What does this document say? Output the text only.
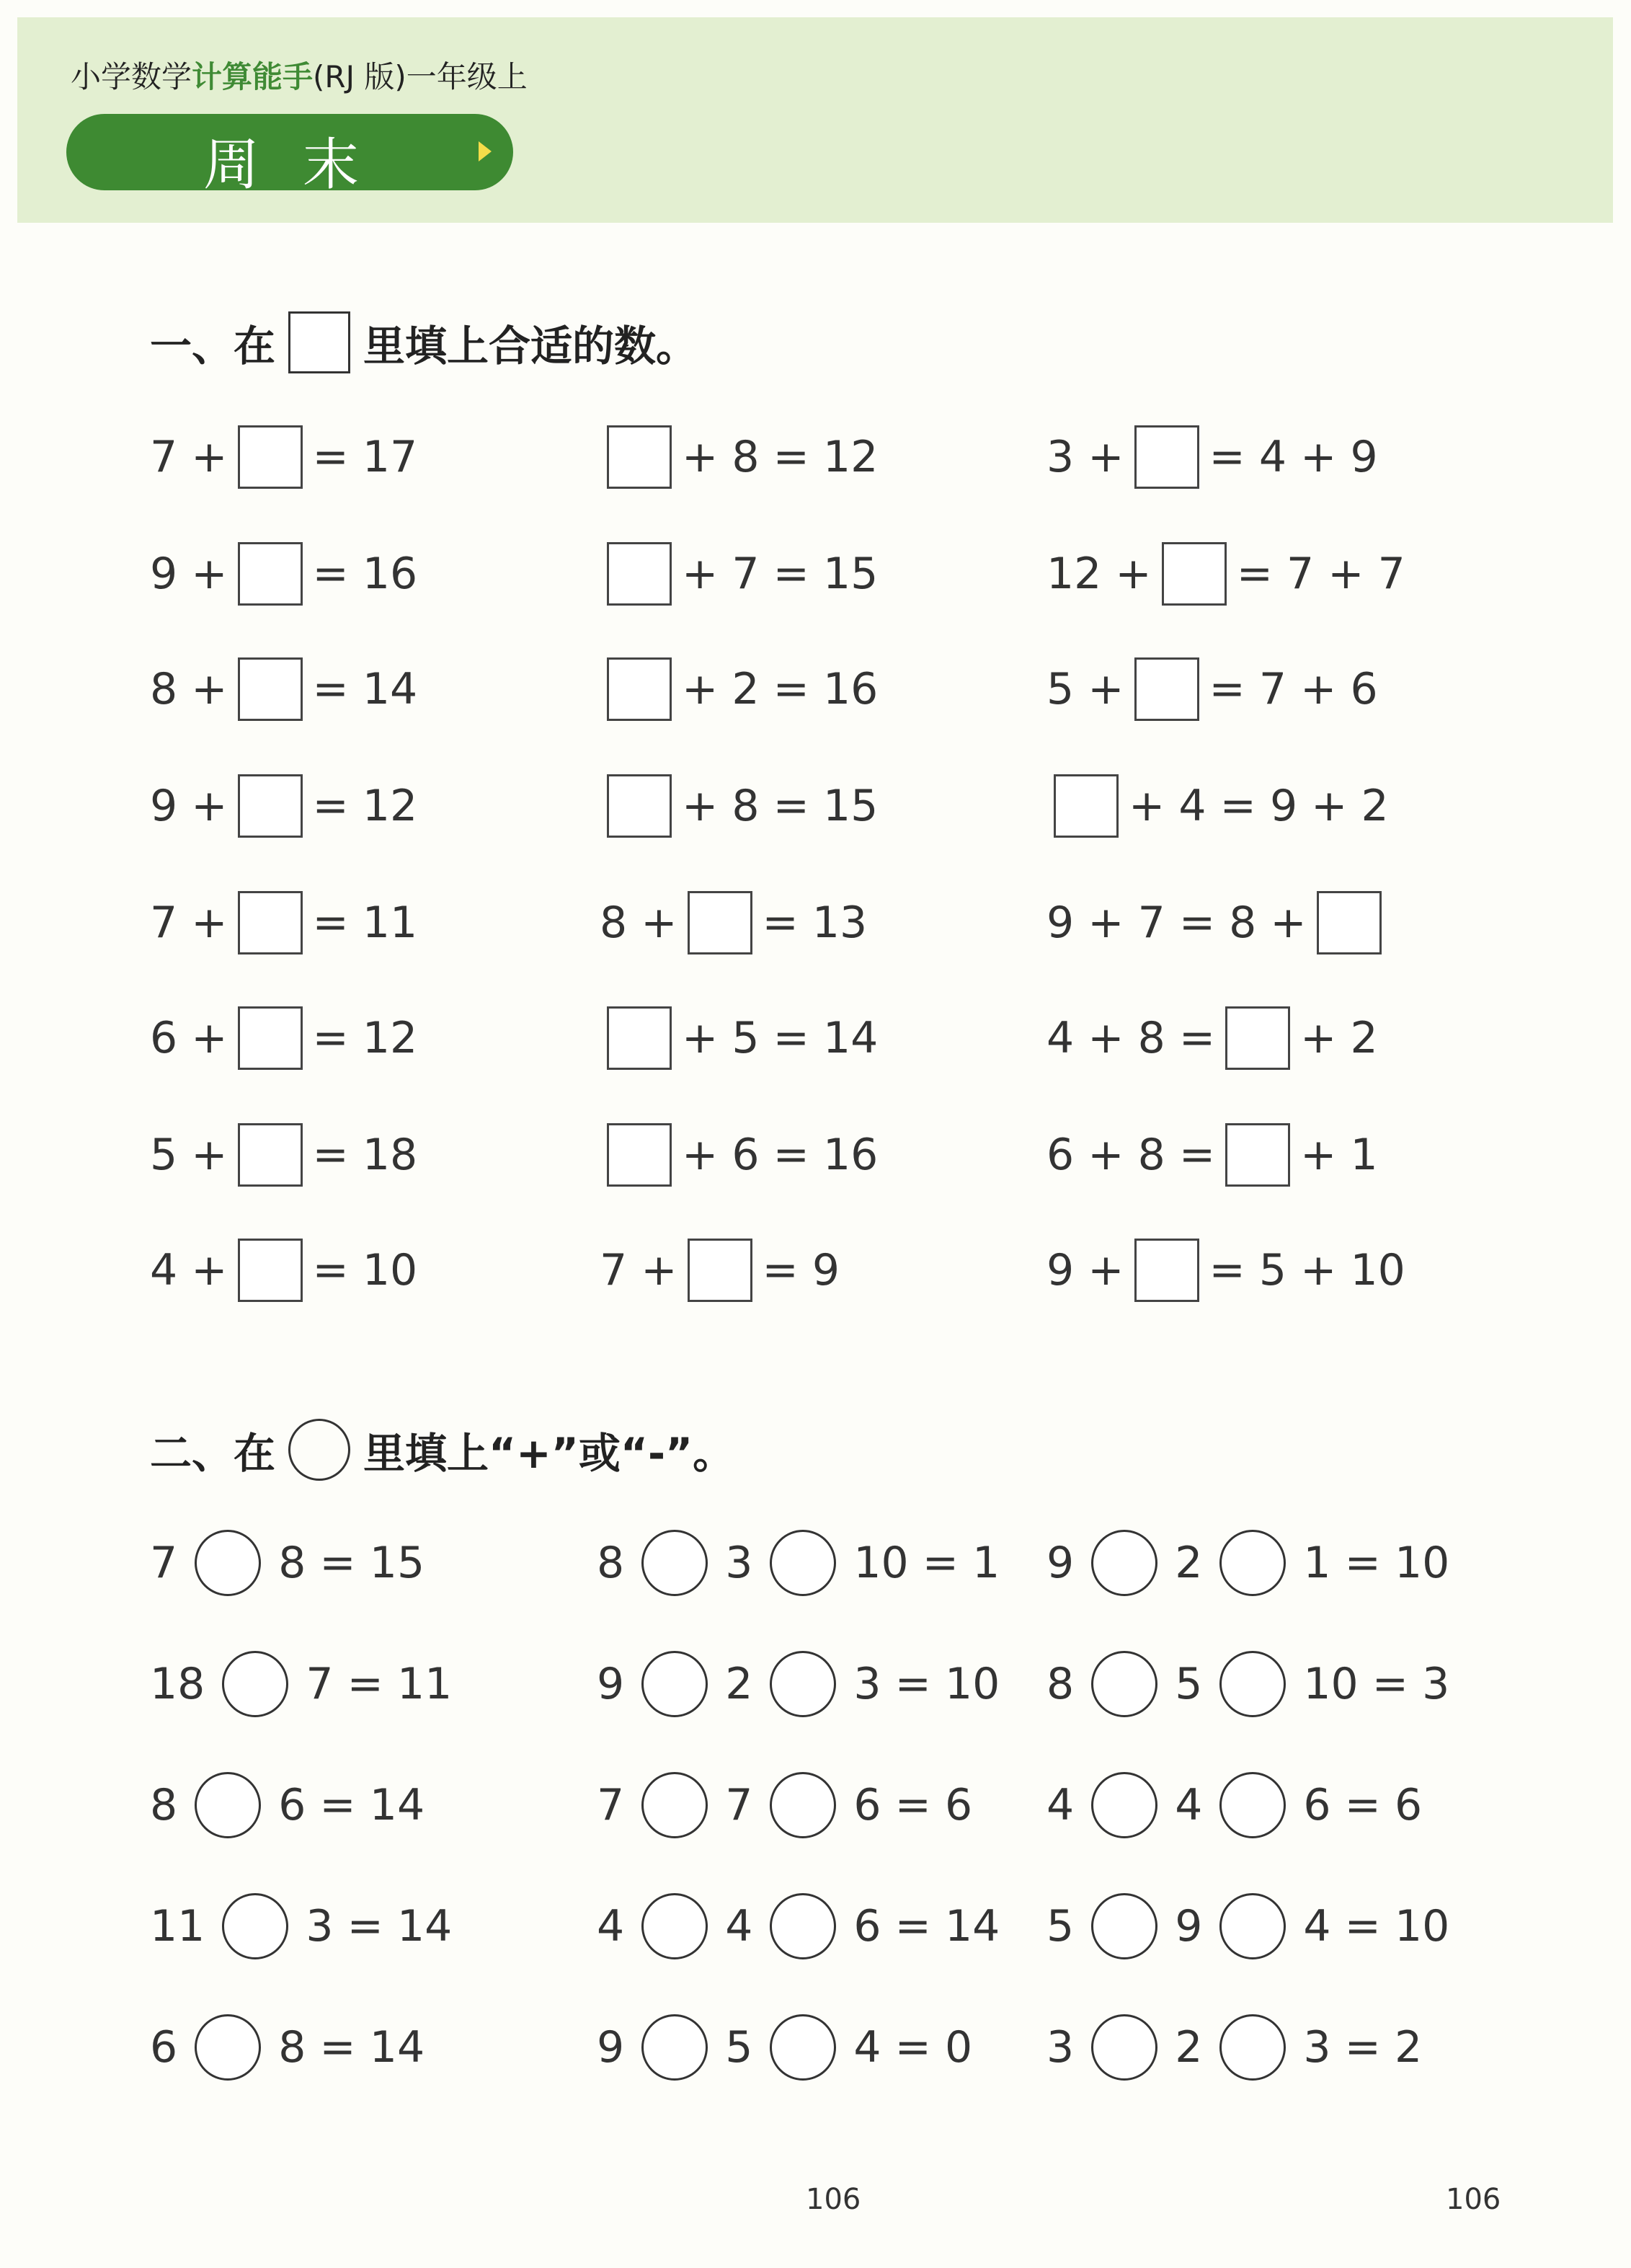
小学数学计算能手(RJ 版)一年级上
周末
一、在 里填上合适的数。
7 + = 17
9 + = 16
8 + = 14
9 + = 12
7 + = 11
6 + = 12
5 + = 18
4 + = 10
+ 8 = 12
+ 7 = 15
+ 2 = 16
+ 8 = 15
8 + = 13
+ 5 = 14
+ 6 = 16
7 + = 9
3 + = 4 + 9
12 + = 7 + 7
5 + = 7 + 6
+ 4 = 9 + 2
9 + 7 = 8 +
4 + 8 = + 2
6 + 8 = + 1
9 + = 5 + 10
二、在 里填上“+”或“-”。
7 8 = 15
18 7 = 11
8 6 = 14
11 3 = 14
6 8 = 14
8 3 10 = 1
9 2 3 = 10
7 7 6 = 6
4 4 6 = 14
9 5 4 = 0
9 2 1 = 10
8 5 10 = 3
4 4 6 = 6
5 9 4 = 10
3 2 3 = 2
106	106
